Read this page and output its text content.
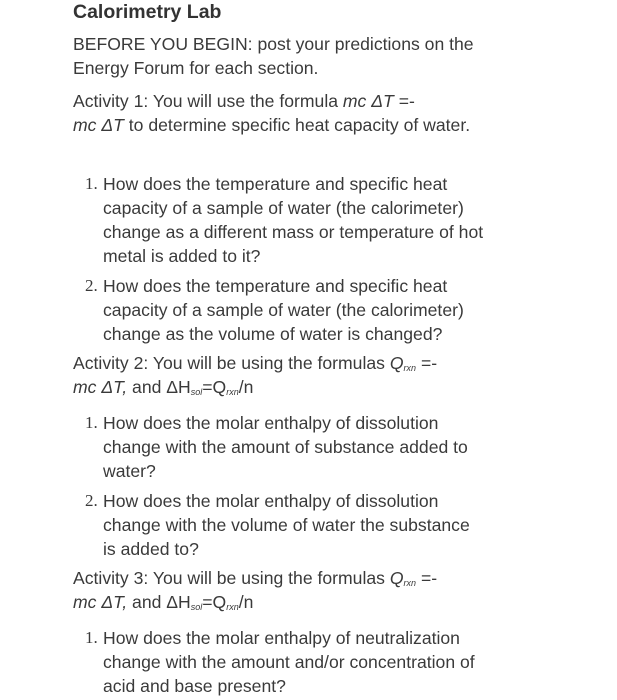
Calorimetry Lab
BEFORE YOU BEGIN: post your predictions on the
Energy Forum for each section.
Activity 1: You will use the formula mc ΔT =-
mc ΔT to determine specific heat capacity of water.
1. How does the temperature and specific heat
capacity of a sample of water (the calorimeter)
change as a different mass or temperature of hot
metal is added to it?
2. How does the temperature and specific heat
capacity of a sample of water (the calorimeter)
change as the volume of water is changed?
Activity 2: You will be using the formulas $Q_{rxn}$ =-
mc ΔT, and $\Delta H_{sol}=Q_{rxn}/n$
1. How does the molar enthalpy of dissolution
change with the amount of substance added to
water?
2. How does the molar enthalpy of dissolution
change with the volume of water the substance
is added to?
Activity 3: You will be using the formulas $Q_{rxn}$ =-
mc ΔT, and $\Delta H_{sol}=Q_{rxn}/n$
1. How does the molar enthalpy of neutralization
change with the amount and/or concentration of
acid and base present?
